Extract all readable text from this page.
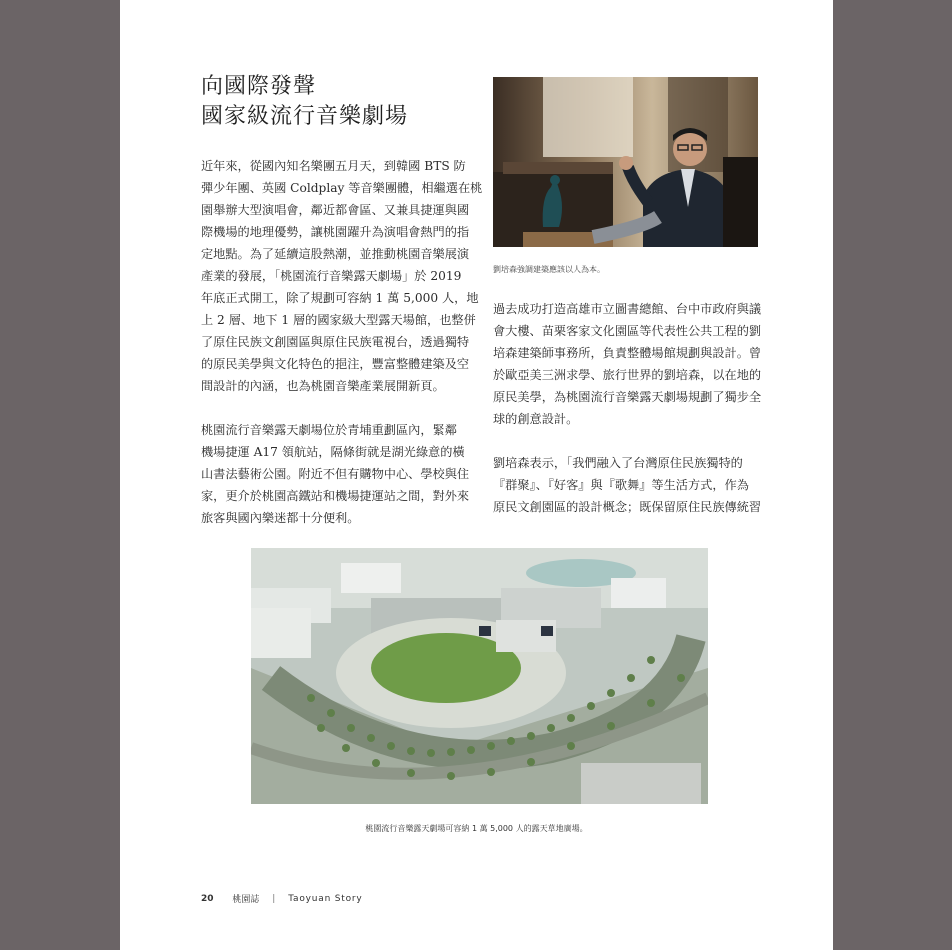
向國際發聲
國家級流行音樂劇場

近年來，從國內知名樂團五月天，到韓國 BTS 防
彈少年團、英國 Coldplay 等音樂團體，相繼選在桃
園舉辦大型演唱會，鄰近都會區、又兼具捷運與國
際機場的地理優勢，讓桃園躍升為演唱會熱門的指
定地點。為了延續這股熱潮，並推動桃園音樂展演
產業的發展，「桃園流行音樂露天劇場」於 2019
年底正式開工，除了規劃可容納 1 萬 5,000 人，地
上 2 層、地下 1 層的國家級大型露天場館，也整併
了原住民族文創園區與原住民族電視台，透過獨特
的原民美學與文化特色的挹注，豐富整體建築及空
間設計的內涵，也為桃園音樂產業展開新頁。

桃園流行音樂露天劇場位於青埔重劃區內，緊鄰
機場捷運 A17 領航站，隔條街就是湖光綠意的橫
山書法藝術公園。附近不但有購物中心、學校與住
家，更介於桃園高鐵站和機場捷運站之間，對外來
旅客與國內樂迷都十分便利。

劉培森強調建築應該以人為本。

過去成功打造高雄市立圖書總館、台中市政府與議
會大樓、苗栗客家文化園區等代表性公共工程的劉
培森建築師事務所，負責整體場館規劃與設計。曾
於歐亞美三洲求學、旅行世界的劉培森，以在地的
原民美學，為桃園流行音樂露天劇場規劃了獨步全
球的創意設計。

劉培森表示，「我們融入了台灣原住民族獨特的
『群聚』、『好客』與『歌舞』等生活方式，作為
原民文創園區的設計概念；既保留原住民族傳統習

桃園流行音樂露天劇場可容納 1 萬 5,000 人的露天草地廣場。
20 桃園誌 | Taoyuan Story
